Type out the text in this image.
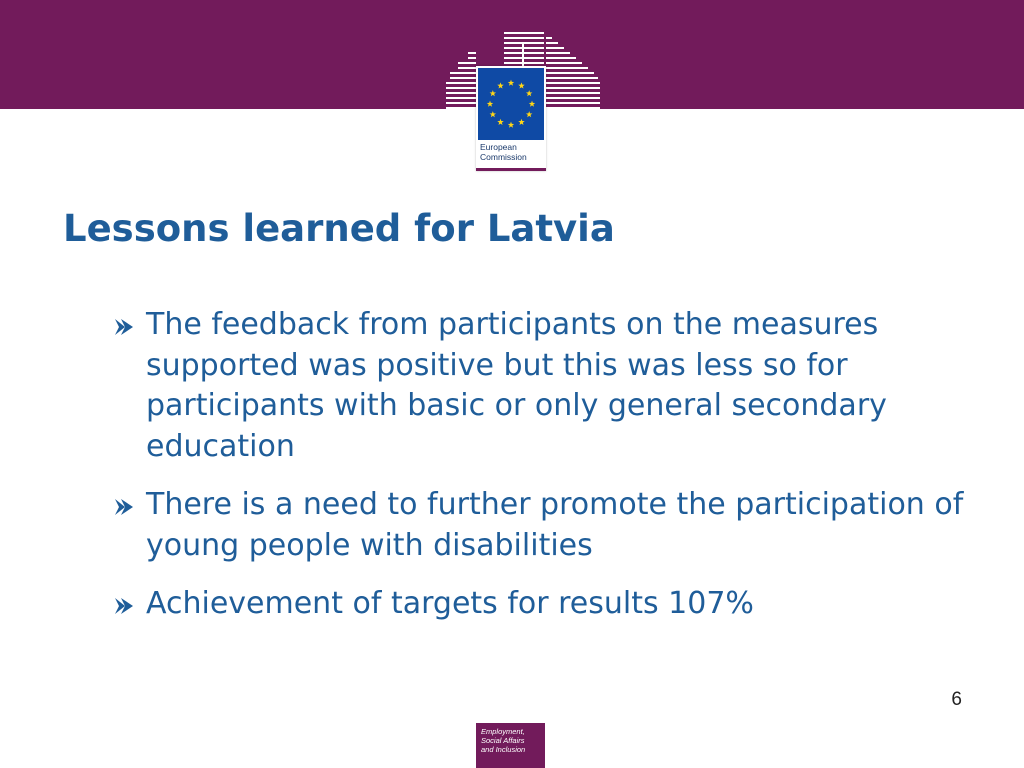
European
Commission
Lessons learned for Latvia
The feedback from participants on the measures supported was positive but this was less so for participants with basic or only general secondary education
There is a need to further promote the participation of young people with disabilities
Achievement of targets for results 107%
6
Employment,
Social Affairs
and Inclusion
